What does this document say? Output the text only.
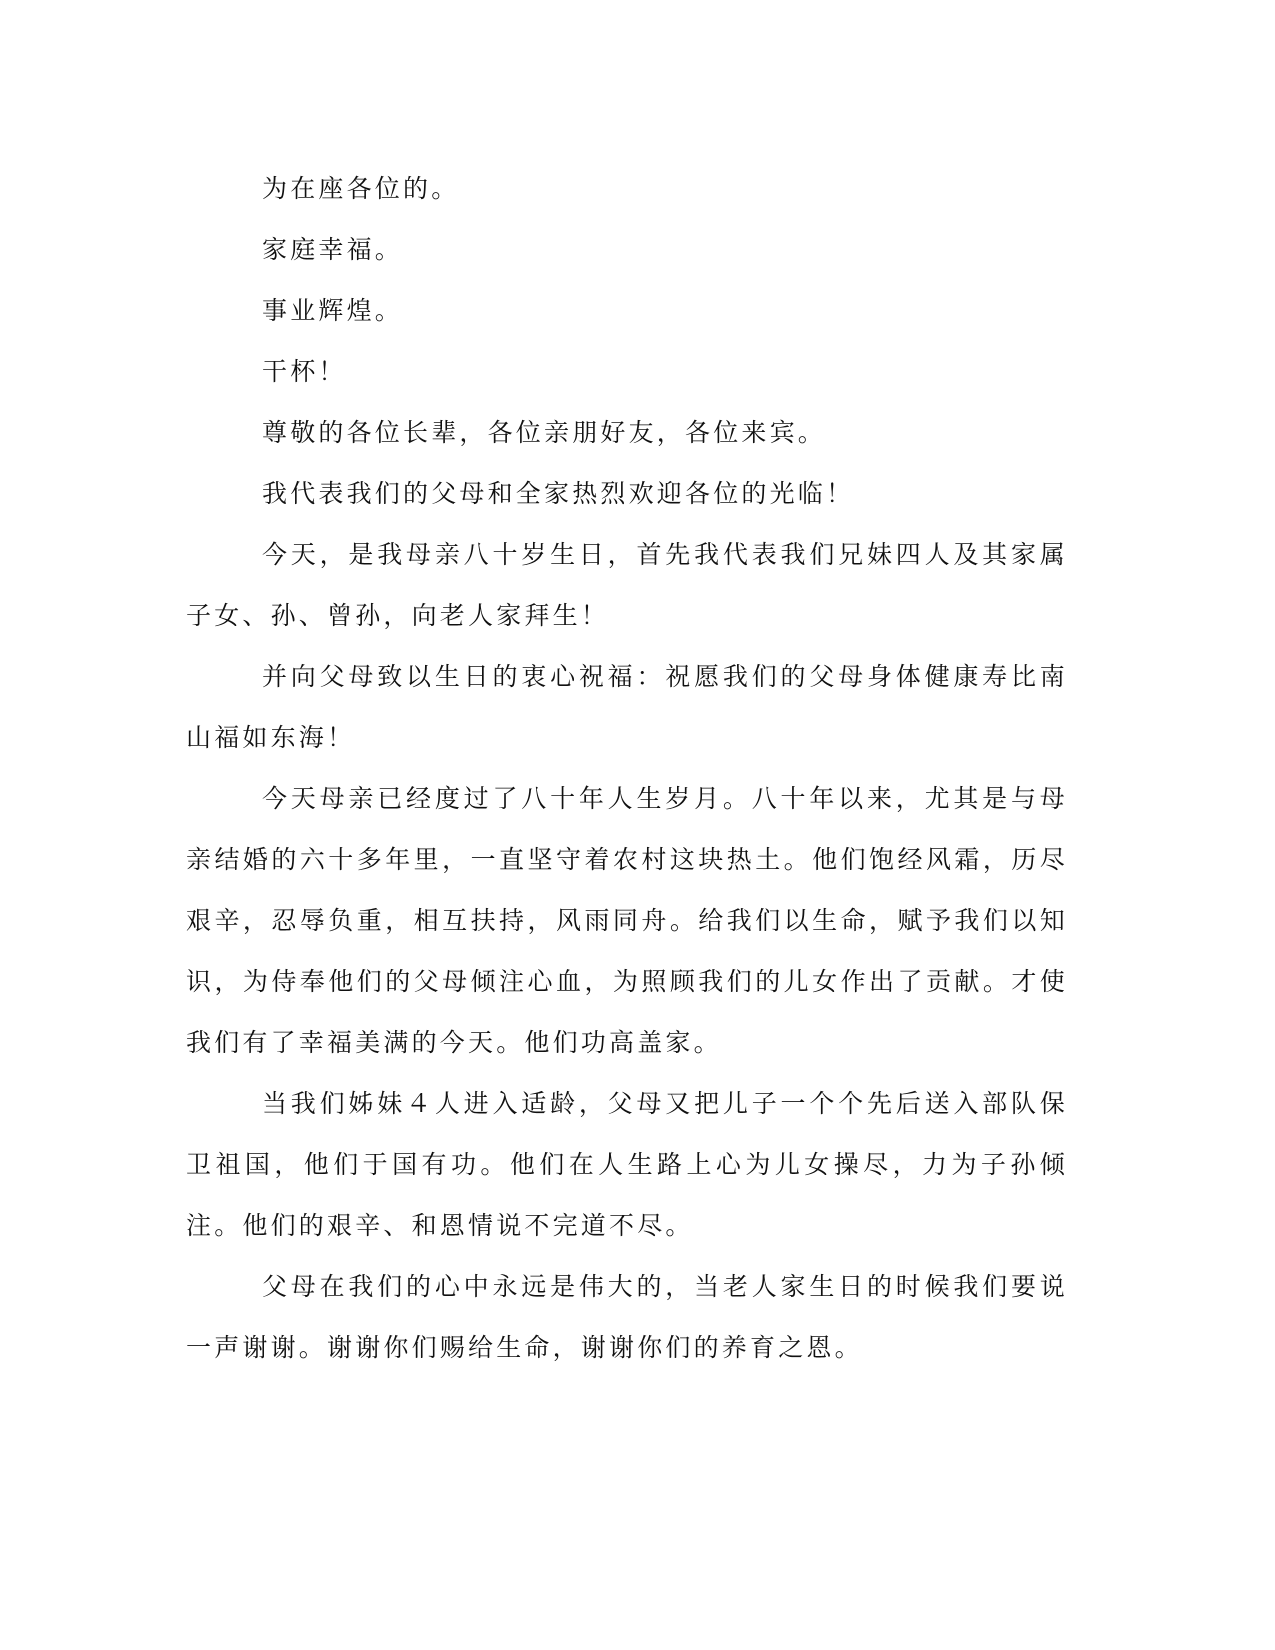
为在座各位的。

家庭幸福。

事业辉煌。

干杯！

尊敬的各位长辈，各位亲朋好友，各位来宾。

我代表我们的父母和全家热烈欢迎各位的光临！

今天，是我母亲八十岁生日，首先我代表我们兄妹四人及其家属子女、孙、曾孙，向老人家拜生！

并向父母致以生日的衷心祝福：祝愿我们的父母身体健康寿比南山福如东海！

今天母亲已经度过了八十年人生岁月。八十年以来，尤其是与母亲结婚的六十多年里，一直坚守着农村这块热土。他们饱经风霜，历尽艰辛，忍辱负重，相互扶持，风雨同舟。给我们以生命，赋予我们以知识，为侍奉他们的父母倾注心血，为照顾我们的儿女作出了贡献。才使我们有了幸福美满的今天。他们功高盖家。

当我们姊妹４人进入适龄，父母又把儿子一个个先后送入部队保卫祖国，他们于国有功。他们在人生路上心为儿女操尽，力为子孙倾注。他们的艰辛、和恩情说不完道不尽。

父母在我们的心中永远是伟大的，当老人家生日的时候我们要说一声谢谢。谢谢你们赐给生命，谢谢你们的养育之恩。
